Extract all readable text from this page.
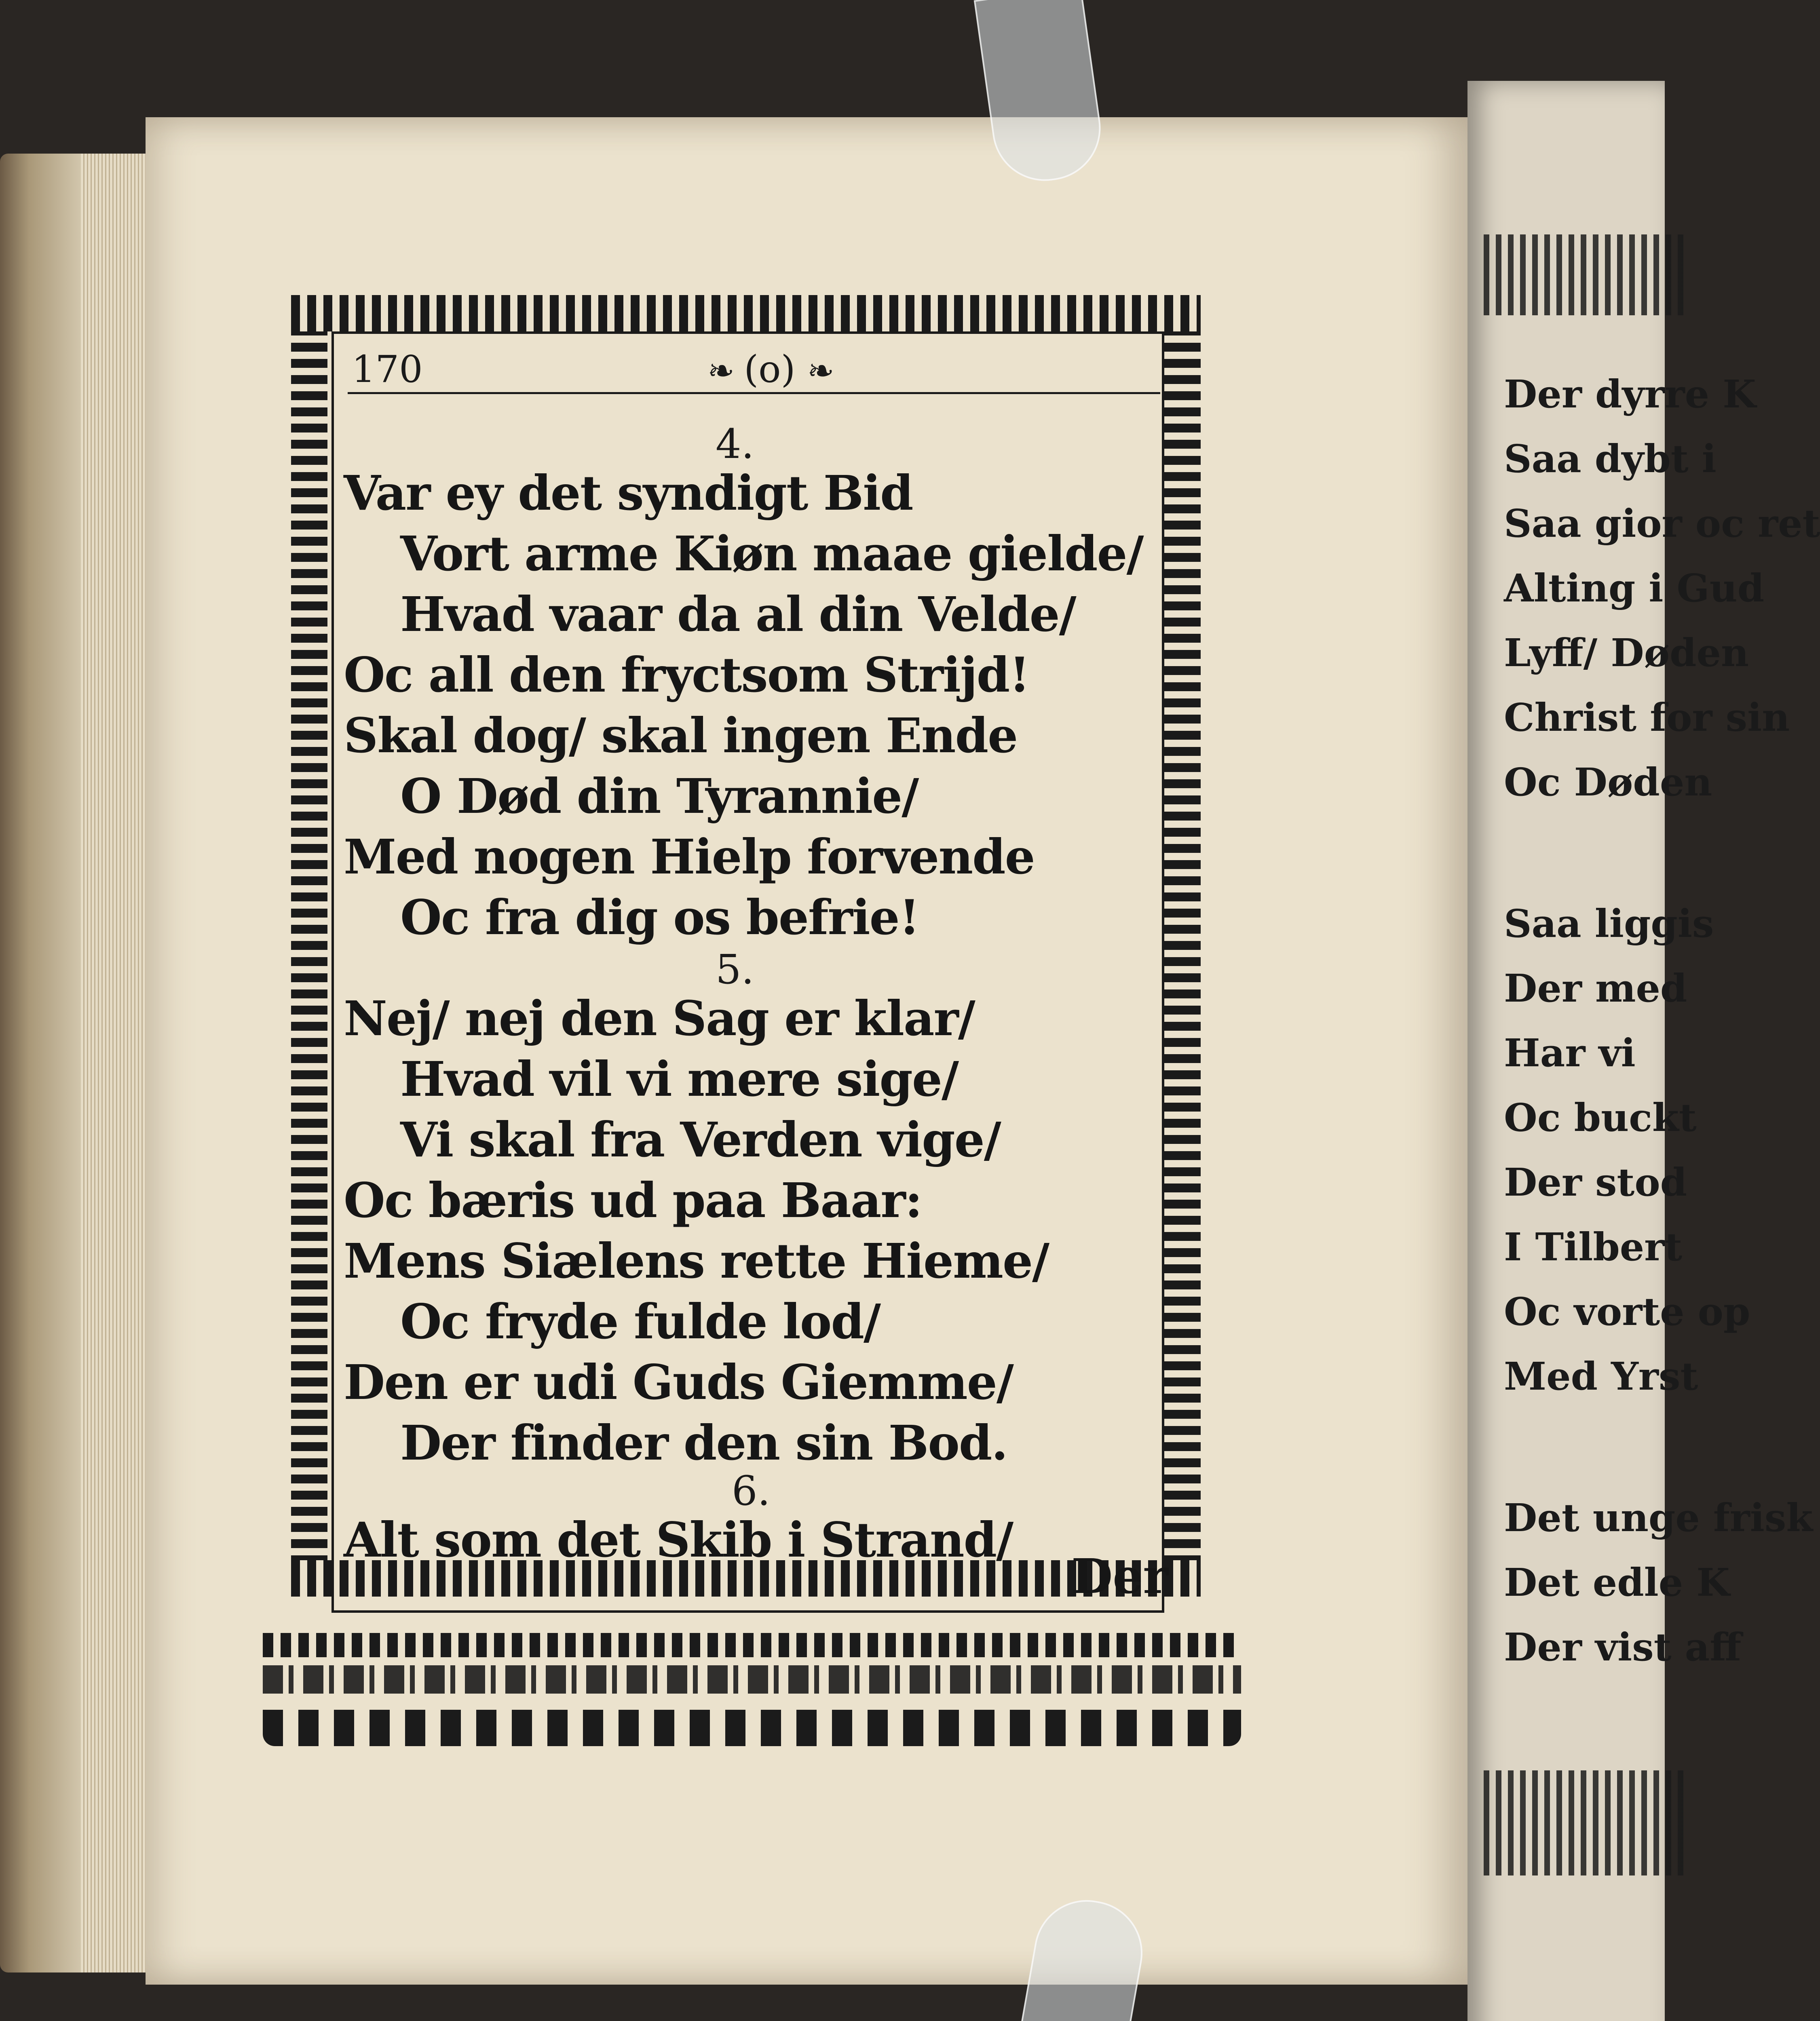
Der dyrre K
Saa dybt i
Saa gior oc ret
Alting i Gud
Lyff/ Døden
Christ for sin
Oc Døden
Saa liggis
Der med
Har vi
Oc buckt
Der stod
I Tilbert
Oc vorte op
Med Yrst
Det unge frisk
Det edle K
Der vist aff

170	❧ (o) ❧
4.
Var ey det syndigt Bid
Vort arme Kiøn maae gielde/
Hvad vaar da al din Velde/
Oc all den fryctsom Strijd!
Skal dog/ skal ingen Ende
O Død din Tyrannie/
Med nogen Hielp forvende
Oc fra dig os befrie!
5.
Nej/ nej den Sag er klar/
Hvad vil vi mere sige/
Vi skal fra Verden vige/
Oc bæris ud paa Baar:
Mens Siælens rette Hieme/
Oc fryde fulde lod/
Den er udi Guds Giemme/
Der finder den sin Bod.
6.
Alt som det Skib i Strand/
Der
